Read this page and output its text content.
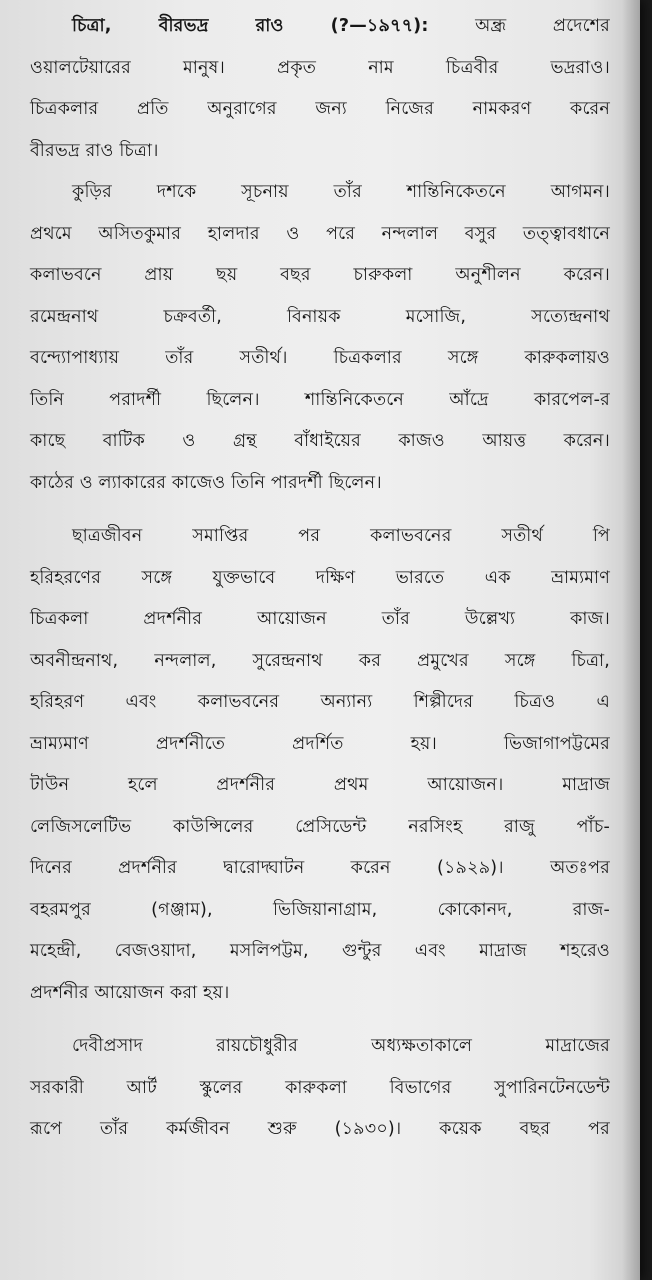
চিত্রা, বীরভদ্র রাও (?—১৯৭৭):	অন্ধ্র প্রদেশের
ওয়ালটেয়ারের মানুষ। প্রকৃত নাম চিত্রবীর ভদ্ররাও।
চিত্রকলার প্রতি অনুরাগের জন্য নিজের নামকরণ করেন
বীরভদ্র রাও চিত্রা।
কুড়ির দশকে সূচনায় তাঁর শান্তিনিকেতনে আগমন।
প্রথমে অসিতকুমার হালদার ও পরে নন্দলাল বসুর তত্ত্বাবধানে
কলাভবনে প্রায় ছয় বছর চারুকলা অনুশীলন করেন।
রমেন্দ্রনাথ চক্রবর্তী, বিনায়ক মসোজি, সত্যেন্দ্রনাথ
বন্দ্যোপাধ্যায় তাঁর সতীর্থ। চিত্রকলার সঙ্গে কারুকলায়ও
তিনি পরাদর্শী ছিলেন। শান্তিনিকেতনে আঁদ্রে কারপেল-র
কাছে বাটিক ও গ্রন্থ বাঁধাইয়ের কাজও আয়ত্ত করেন।
কাঠের ও ল্যাকারের কাজেও তিনি পারদর্শী ছিলেন।
ছাত্রজীবন সমাপ্তির পর কলাভবনের সতীর্থ পি
হরিহরণের সঙ্গে যুক্তভাবে দক্ষিণ ভারতে এক ভ্রাম্যমাণ
চিত্রকলা প্রদর্শনীর আয়োজন তাঁর উল্লেখ্য কাজ।
অবনীন্দ্রনাথ, নন্দলাল, সুরেন্দ্রনাথ কর প্রমুখের সঙ্গে চিত্রা,
হরিহরণ এবং কলাভবনের অন্যান্য শিল্পীদের চিত্রও এ
ভ্রাম্যমাণ প্রদর্শনীতে প্রদর্শিত হয়। ভিজাগাপট্টমের
টাউন হলে প্রদর্শনীর প্রথম আয়োজন। মাদ্রাজ
লেজিসলেটিভ কাউন্সিলের প্রেসিডেন্ট নরসিংহ রাজু পাঁচ-
দিনের প্রদর্শনীর দ্বারোদ্ঘাটন করেন (১৯২৯)। অতঃপর
বহরমপুর (গঞ্জাম), ভিজিয়ানাগ্রাম, কোকোনদ, রাজ-
মহেন্দ্রী, বেজওয়াদা, মসলিপট্টম, গুন্টুর এবং মাদ্রাজ শহরেও
প্রদর্শনীর আয়োজন করা হয়।
দেবীপ্রসাদ রায়চৌধুরীর অধ্যক্ষতাকালে মাদ্রাজের
সরকারী আর্ট স্কুলের কারুকলা বিভাগের সুপারিনটেনডেন্ট
রূপে তাঁর কর্মজীবন শুরু (১৯৩০)। কয়েক বছর পর
